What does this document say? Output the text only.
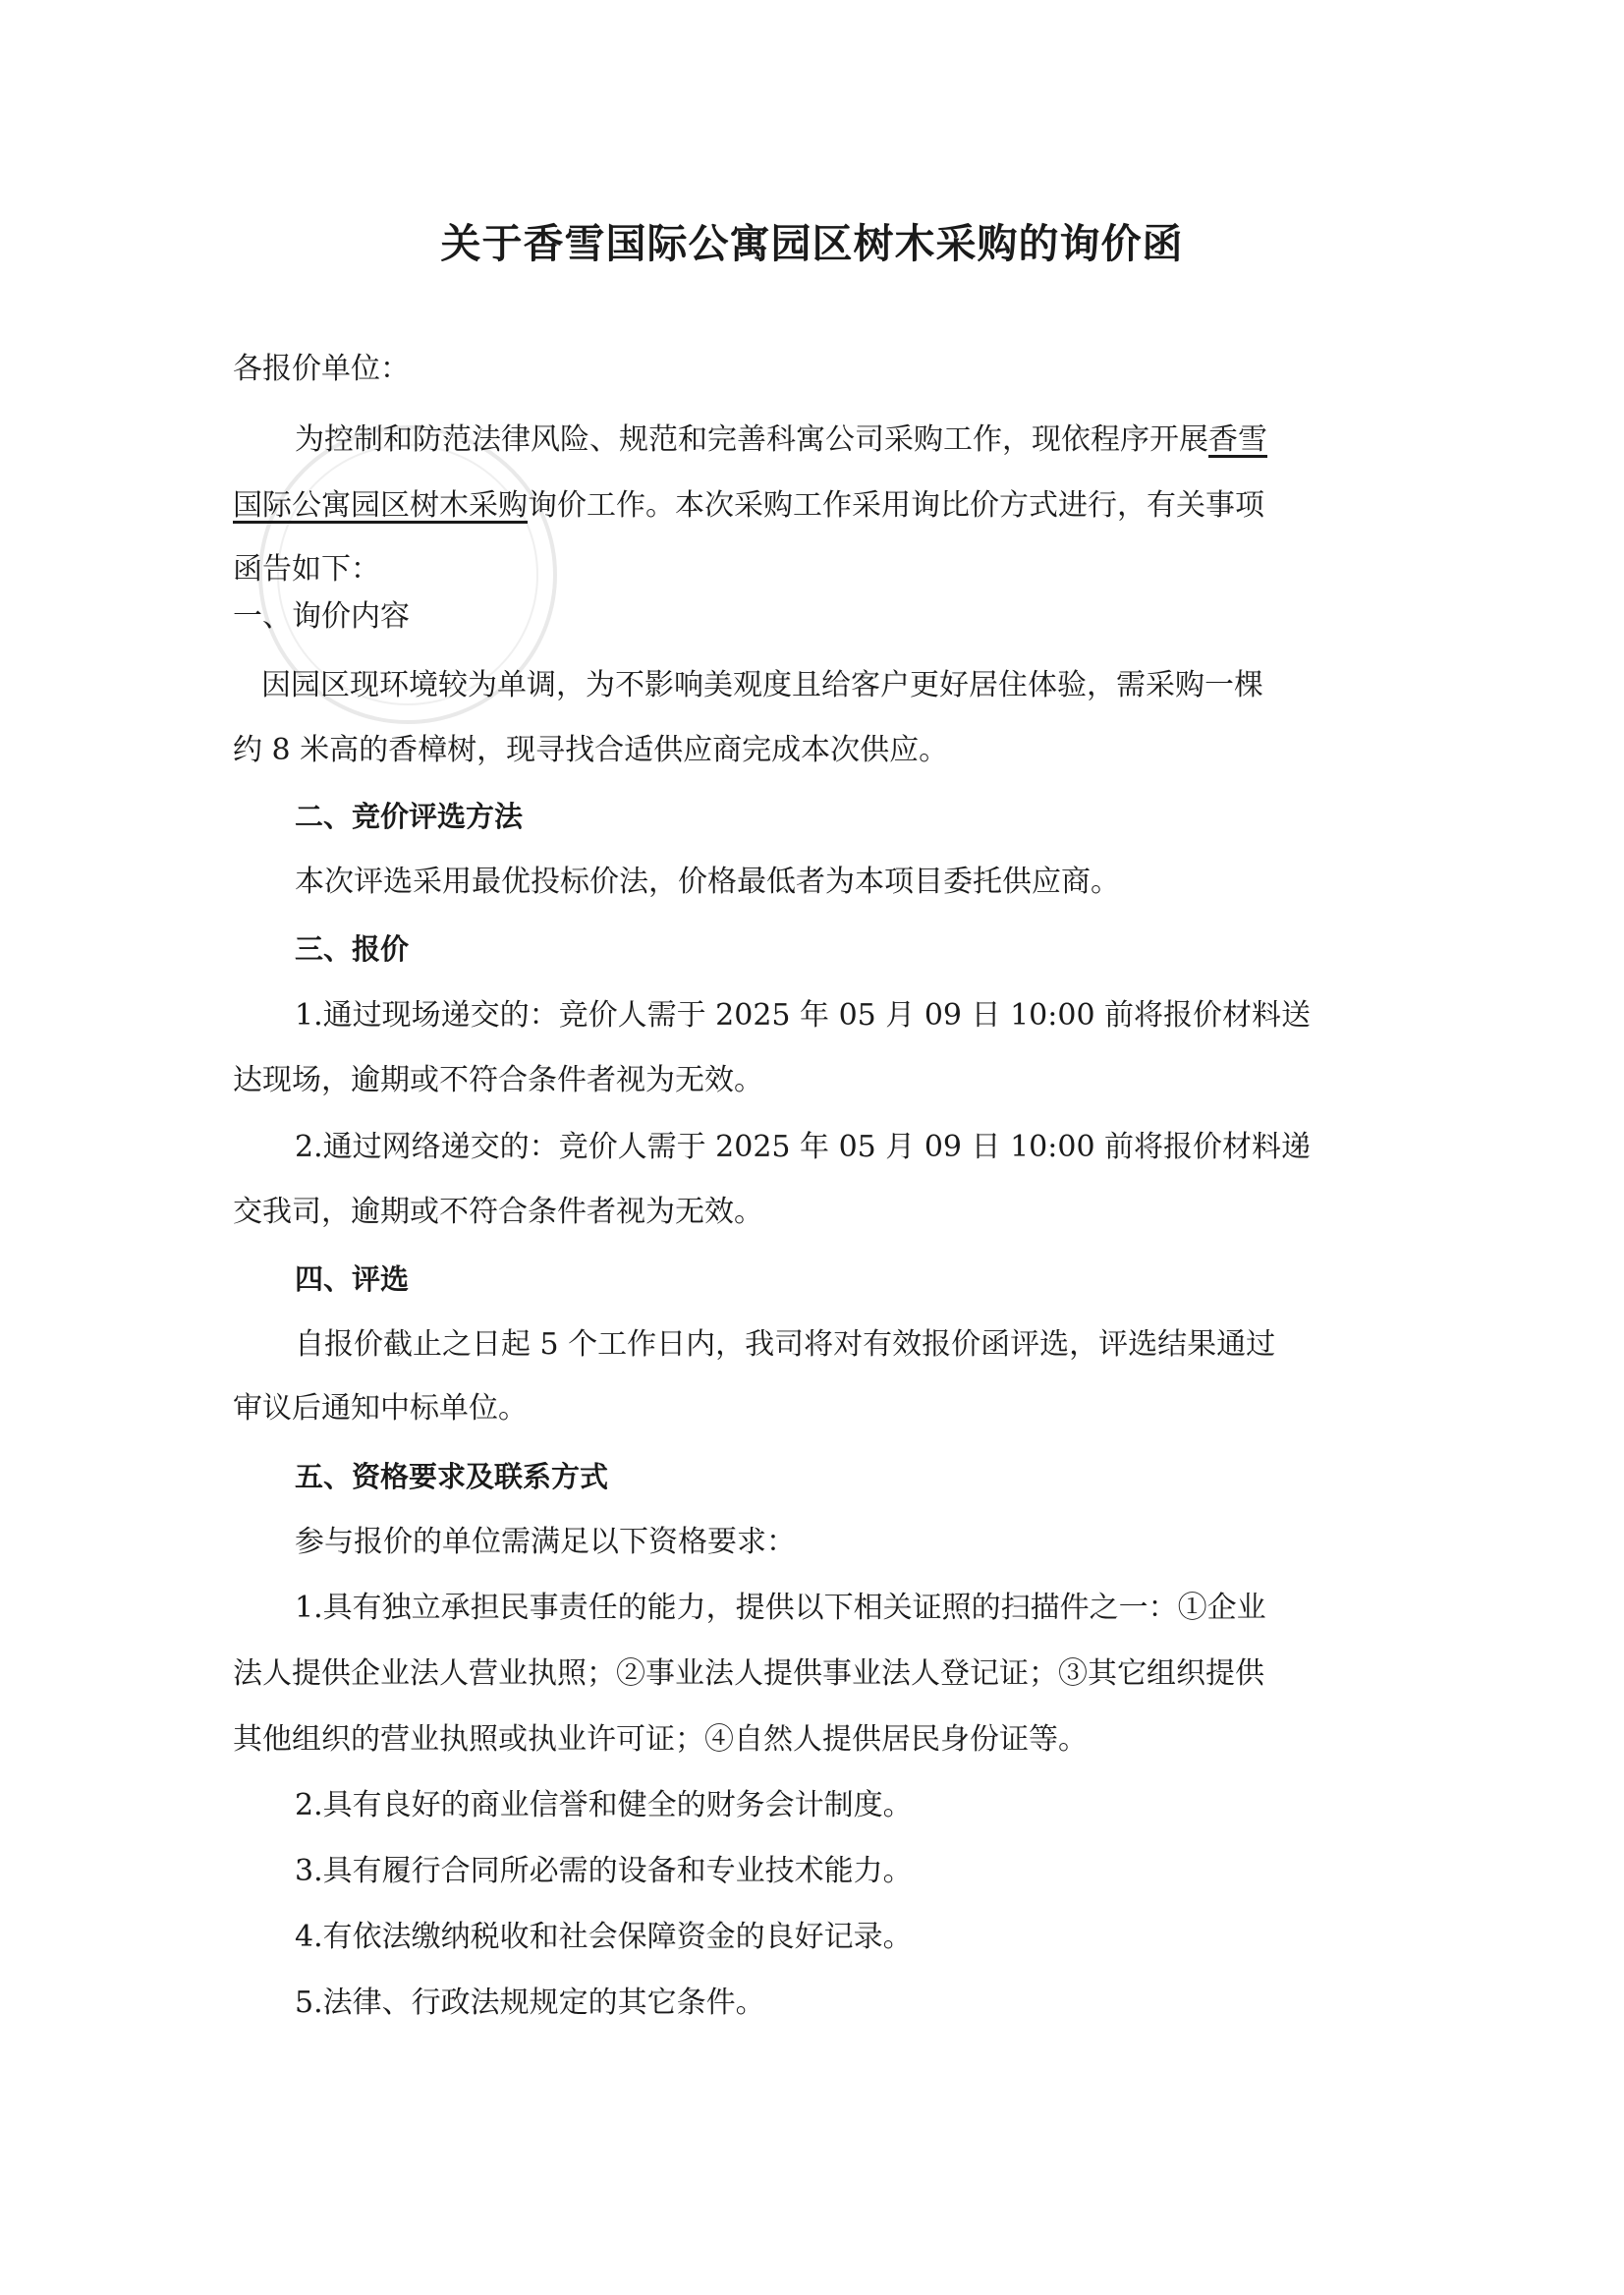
关于香雪国际公寓园区树木采购的询价函
各报价单位：
为控制和防范法律风险、规范和完善科寓公司采购工作，现依程序开展香雪
国际公寓园区树木采购询价工作。本次采购工作采用询比价方式进行，有关事项
函告如下：
一、询价内容
因园区现环境较为单调，为不影响美观度且给客户更好居住体验，需采购一棵
约 8 米高的香樟树，现寻找合适供应商完成本次供应。
二、竞价评选方法
本次评选采用最优投标价法，价格最低者为本项目委托供应商。
三、报价
1.通过现场递交的：竞价人需于 2025 年 05 月 09 日 10:00 前将报价材料送
达现场，逾期或不符合条件者视为无效。
2.通过网络递交的：竞价人需于 2025 年 05 月 09 日 10:00 前将报价材料递
交我司，逾期或不符合条件者视为无效。
四、评选
自报价截止之日起 5 个工作日内，我司将对有效报价函评选，评选结果通过
审议后通知中标单位。
五、资格要求及联系方式
参与报价的单位需满足以下资格要求：
1.具有独立承担民事责任的能力，提供以下相关证照的扫描件之一：①企业
法人提供企业法人营业执照；②事业法人提供事业法人登记证；③其它组织提供
其他组织的营业执照或执业许可证；④自然人提供居民身份证等。
2.具有良好的商业信誉和健全的财务会计制度。
3.具有履行合同所必需的设备和专业技术能力。
4.有依法缴纳税收和社会保障资金的良好记录。
5.法律、行政法规规定的其它条件。
